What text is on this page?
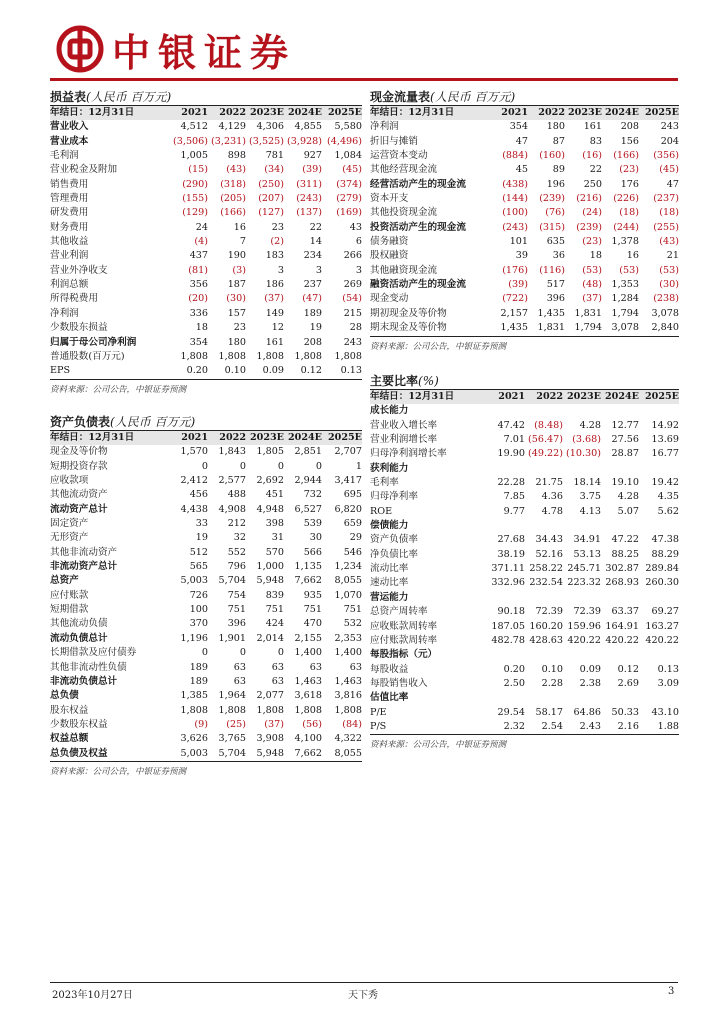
中银证券
损益表(人民币 百万元)
年结日：12月31日	2021	2022	2023E	2024E	2025E
营业收入	4,512	4,129	4,306	4,855	5,580
营业成本	(3,506)	(3,231)	(3,525)	(3,928)	(4,496)
毛利润	1,005	898	781	927	1,084
营业税金及附加	(15)	(43)	(34)	(39)	(45)
销售费用	(290)	(318)	(250)	(311)	(374)
管理费用	(155)	(205)	(207)	(243)	(279)
研发费用	(129)	(166)	(127)	(137)	(169)
财务费用	24	16	23	22	43
其他收益	(4)	7	(2)	14	6
营业利润	437	190	183	234	266
营业外净收支	(81)	(3)	3	3	3
利润总额	356	187	186	237	269
所得税费用	(20)	(30)	(37)	(47)	(54)
净利润	336	157	149	189	215
少数股东损益	18	23	12	19	28
归属于母公司净利润	354	180	161	208	243
普通股数(百万元)	1,808	1,808	1,808	1,808	1,808
EPS	0.20	0.10	0.09	0.12	0.13
资料来源：公司公告，中银证券预测
资产负债表(人民币 百万元)
年结日：12月31日	2021	2022	2023E	2024E	2025E
现金及等价物	1,570	1,843	1,805	2,851	2,707
短期投资存款	0	0	0	0	1
应收款项	2,412	2,577	2,692	2,944	3,417
其他流动资产	456	488	451	732	695
流动资产总计	4,438	4,908	4,948	6,527	6,820
固定资产	33	212	398	539	659
无形资产	19	32	31	30	29
其他非流动资产	512	552	570	566	546
非流动资产总计	565	796	1,000	1,135	1,234
总资产	5,003	5,704	5,948	7,662	8,055
应付账款	726	754	839	935	1,070
短期借款	100	751	751	751	751
其他流动负债	370	396	424	470	532
流动负债总计	1,196	1,901	2,014	2,155	2,353
长期借款及应付债券	0	0	0	1,400	1,400
其他非流动性负债	189	63	63	63	63
非流动负债总计	189	63	63	1,463	1,463
总负债	1,385	1,964	2,077	3,618	3,816
股东权益	1,808	1,808	1,808	1,808	1,808
少数股东权益	(9)	(25)	(37)	(56)	(84)
权益总额	3,626	3,765	3,908	4,100	4,322
总负债及权益	5,003	5,704	5,948	7,662	8,055
资料来源：公司公告，中银证券预测
现金流量表(人民币 百万元)
年结日：12月31日	2021	2022	2023E	2024E	2025E
净利润	354	180	161	208	243
折旧与摊销	47	87	83	156	204
运营资本变动	(884)	(160)	(16)	(166)	(356)
其他经营现金流	45	89	22	(23)	(45)
经营活动产生的现金流	(438)	196	250	176	47
资本开支	(144)	(239)	(216)	(226)	(237)
其他投资现金流	(100)	(76)	(24)	(18)	(18)
投资活动产生的现金流	(243)	(315)	(239)	(244)	(255)
债务融资	101	635	(23)	1,378	(43)
股权融资	39	36	18	16	21
其他融资现金流	(176)	(116)	(53)	(53)	(53)
融资活动产生的现金流	(39)	517	(48)	1,353	(30)
现金变动	(722)	396	(37)	1,284	(238)
期初现金及等价物	2,157	1,435	1,831	1,794	3,078
期末现金及等价物	1,435	1,831	1,794	3,078	2,840
资料来源：公司公告，中银证券预测
主要比率(%)
年结日：12月31日	2021	2022	2023E	2024E	2025E
成长能力					
营业收入增长率	47.42	(8.48)	4.28	12.77	14.92
营业利润增长率	7.01	(56.47)	(3.68)	27.56	13.69
归母净利润增长率	19.90	(49.22)	(10.30)	28.87	16.77
获利能力					
毛利率	22.28	21.75	18.14	19.10	19.42
归母净利率	7.85	4.36	3.75	4.28	4.35
ROE	9.77	4.78	4.13	5.07	5.62
偿债能力					
资产负债率	27.68	34.43	34.91	47.22	47.38
净负债比率	38.19	52.16	53.13	88.25	88.29
流动比率	371.11	258.22	245.71	302.87	289.84
速动比率	332.96	232.54	223.32	268.93	260.30
营运能力					
总资产周转率	90.18	72.39	72.39	63.37	69.27
应收账款周转率	187.05	160.20	159.96	164.91	163.27
应付账款周转率	482.78	428.63	420.22	420.22	420.22
每股指标（元）					
每股收益	0.20	0.10	0.09	0.12	0.13
每股销售收入	2.50	2.28	2.38	2.69	3.09
估值比率					
P/E	29.54	58.17	64.86	50.33	43.10
P/S	2.32	2.54	2.43	2.16	1.88
资料来源：公司公告，中银证券预测
2023年10月27日	天下秀	3
